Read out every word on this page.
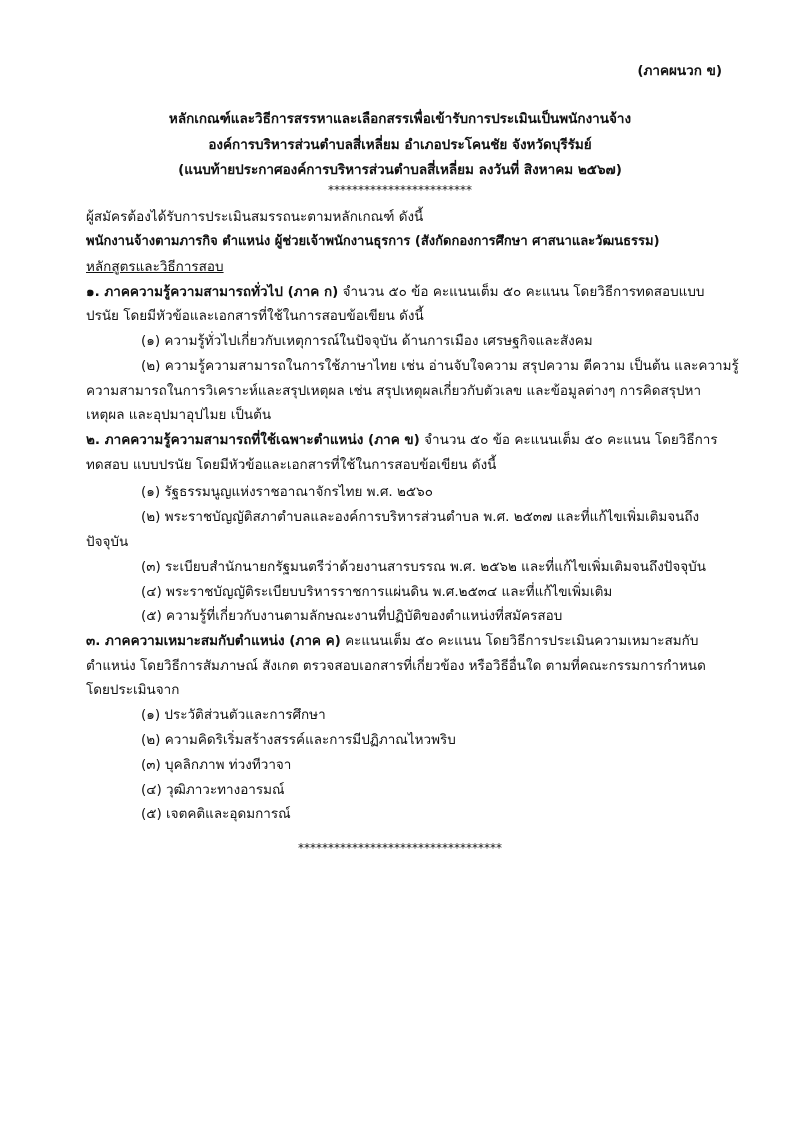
(ภาคผนวก ข)
หลักเกณฑ์และวิธีการสรรหาและเลือกสรรเพื่อเข้ารับการประเมินเป็นพนักงานจ้าง
องค์การบริหารส่วนตำบลสี่เหลี่ยม อำเภอประโคนชัย จังหวัดบุรีรัมย์
(แนบท้ายประกาศองค์การบริหารส่วนตำบลสี่เหลี่ยม ลงวันที่ สิงหาคม ๒๕๖๗)
************************
ผู้สมัครต้องได้รับการประเมินสมรรถนะตามหลักเกณฑ์ ดังนี้
พนักงานจ้างตามภารกิจ ตำแหน่ง ผู้ช่วยเจ้าพนักงานธุรการ (สังกัดกองการศึกษา ศาสนาและวัฒนธรรม)
หลักสูตรและวิธีการสอบ
๑. ภาคความรู้ความสามารถทั่วไป (ภาค ก) จำนวน ๕๐ ข้อ คะแนนเต็ม ๕๐ คะแนน โดยวิธีการทดสอบแบบ
ปรนัย โดยมีหัวข้อและเอกสารที่ใช้ในการสอบข้อเขียน ดังนี้
(๑) ความรู้ทั่วไปเกี่ยวกับเหตุการณ์ในปัจจุบัน ด้านการเมือง เศรษฐกิจและสังคม
(๒) ความรู้ความสามารถในการใช้ภาษาไทย เช่น อ่านจับใจความ สรุปความ ตีความ เป็นต้น และความรู้
ความสามารถในการวิเคราะห์และสรุปเหตุผล เช่น สรุปเหตุผลเกี่ยวกับตัวเลข และข้อมูลต่างๆ การคิดสรุปหา
เหตุผล และอุปมาอุปไมย เป็นต้น
๒. ภาคความรู้ความสามารถที่ใช้เฉพาะตำแหน่ง (ภาค ข) จำนวน ๕๐ ข้อ คะแนนเต็ม ๕๐ คะแนน โดยวิธีการ
ทดสอบ แบบปรนัย โดยมีหัวข้อและเอกสารที่ใช้ในการสอบข้อเขียน ดังนี้
(๑) รัฐธรรมนูญแห่งราชอาณาจักรไทย พ.ศ. ๒๕๖๐
(๒) พระราชบัญญัติสภาตำบลและองค์การบริหารส่วนตำบล พ.ศ. ๒๕๓๗ และที่แก้ไขเพิ่มเติมจนถึง
ปัจจุบัน
(๓) ระเบียบสำนักนายกรัฐมนตรีว่าด้วยงานสารบรรณ พ.ศ. ๒๕๖๒ และที่แก้ไขเพิ่มเติมจนถึงปัจจุบัน
(๔) พระราชบัญญัติระเบียบบริหารราชการแผ่นดิน พ.ศ.๒๕๓๔ และที่แก้ไขเพิ่มเติม
(๕) ความรู้ที่เกี่ยวกับงานตามลักษณะงานที่ปฏิบัติของตำแหน่งที่สมัครสอบ
๓. ภาคความเหมาะสมกับตำแหน่ง (ภาค ค) คะแนนเต็ม ๕๐ คะแนน โดยวิธีการประเมินความเหมาะสมกับ
ตำแหน่ง โดยวิธีการสัมภาษณ์ สังเกต ตรวจสอบเอกสารที่เกี่ยวข้อง หรือวิธีอื่นใด ตามที่คณะกรรมการกำหนด
โดยประเมินจาก
(๑) ประวัติส่วนตัวและการศึกษา
(๒) ความคิดริเริ่มสร้างสรรค์และการมีปฏิภาณไหวพริบ
(๓) บุคลิกภาพ ท่วงทีวาจา
(๔) วุฒิภาวะทางอารมณ์
(๕) เจตคติและอุดมการณ์
**********************************
